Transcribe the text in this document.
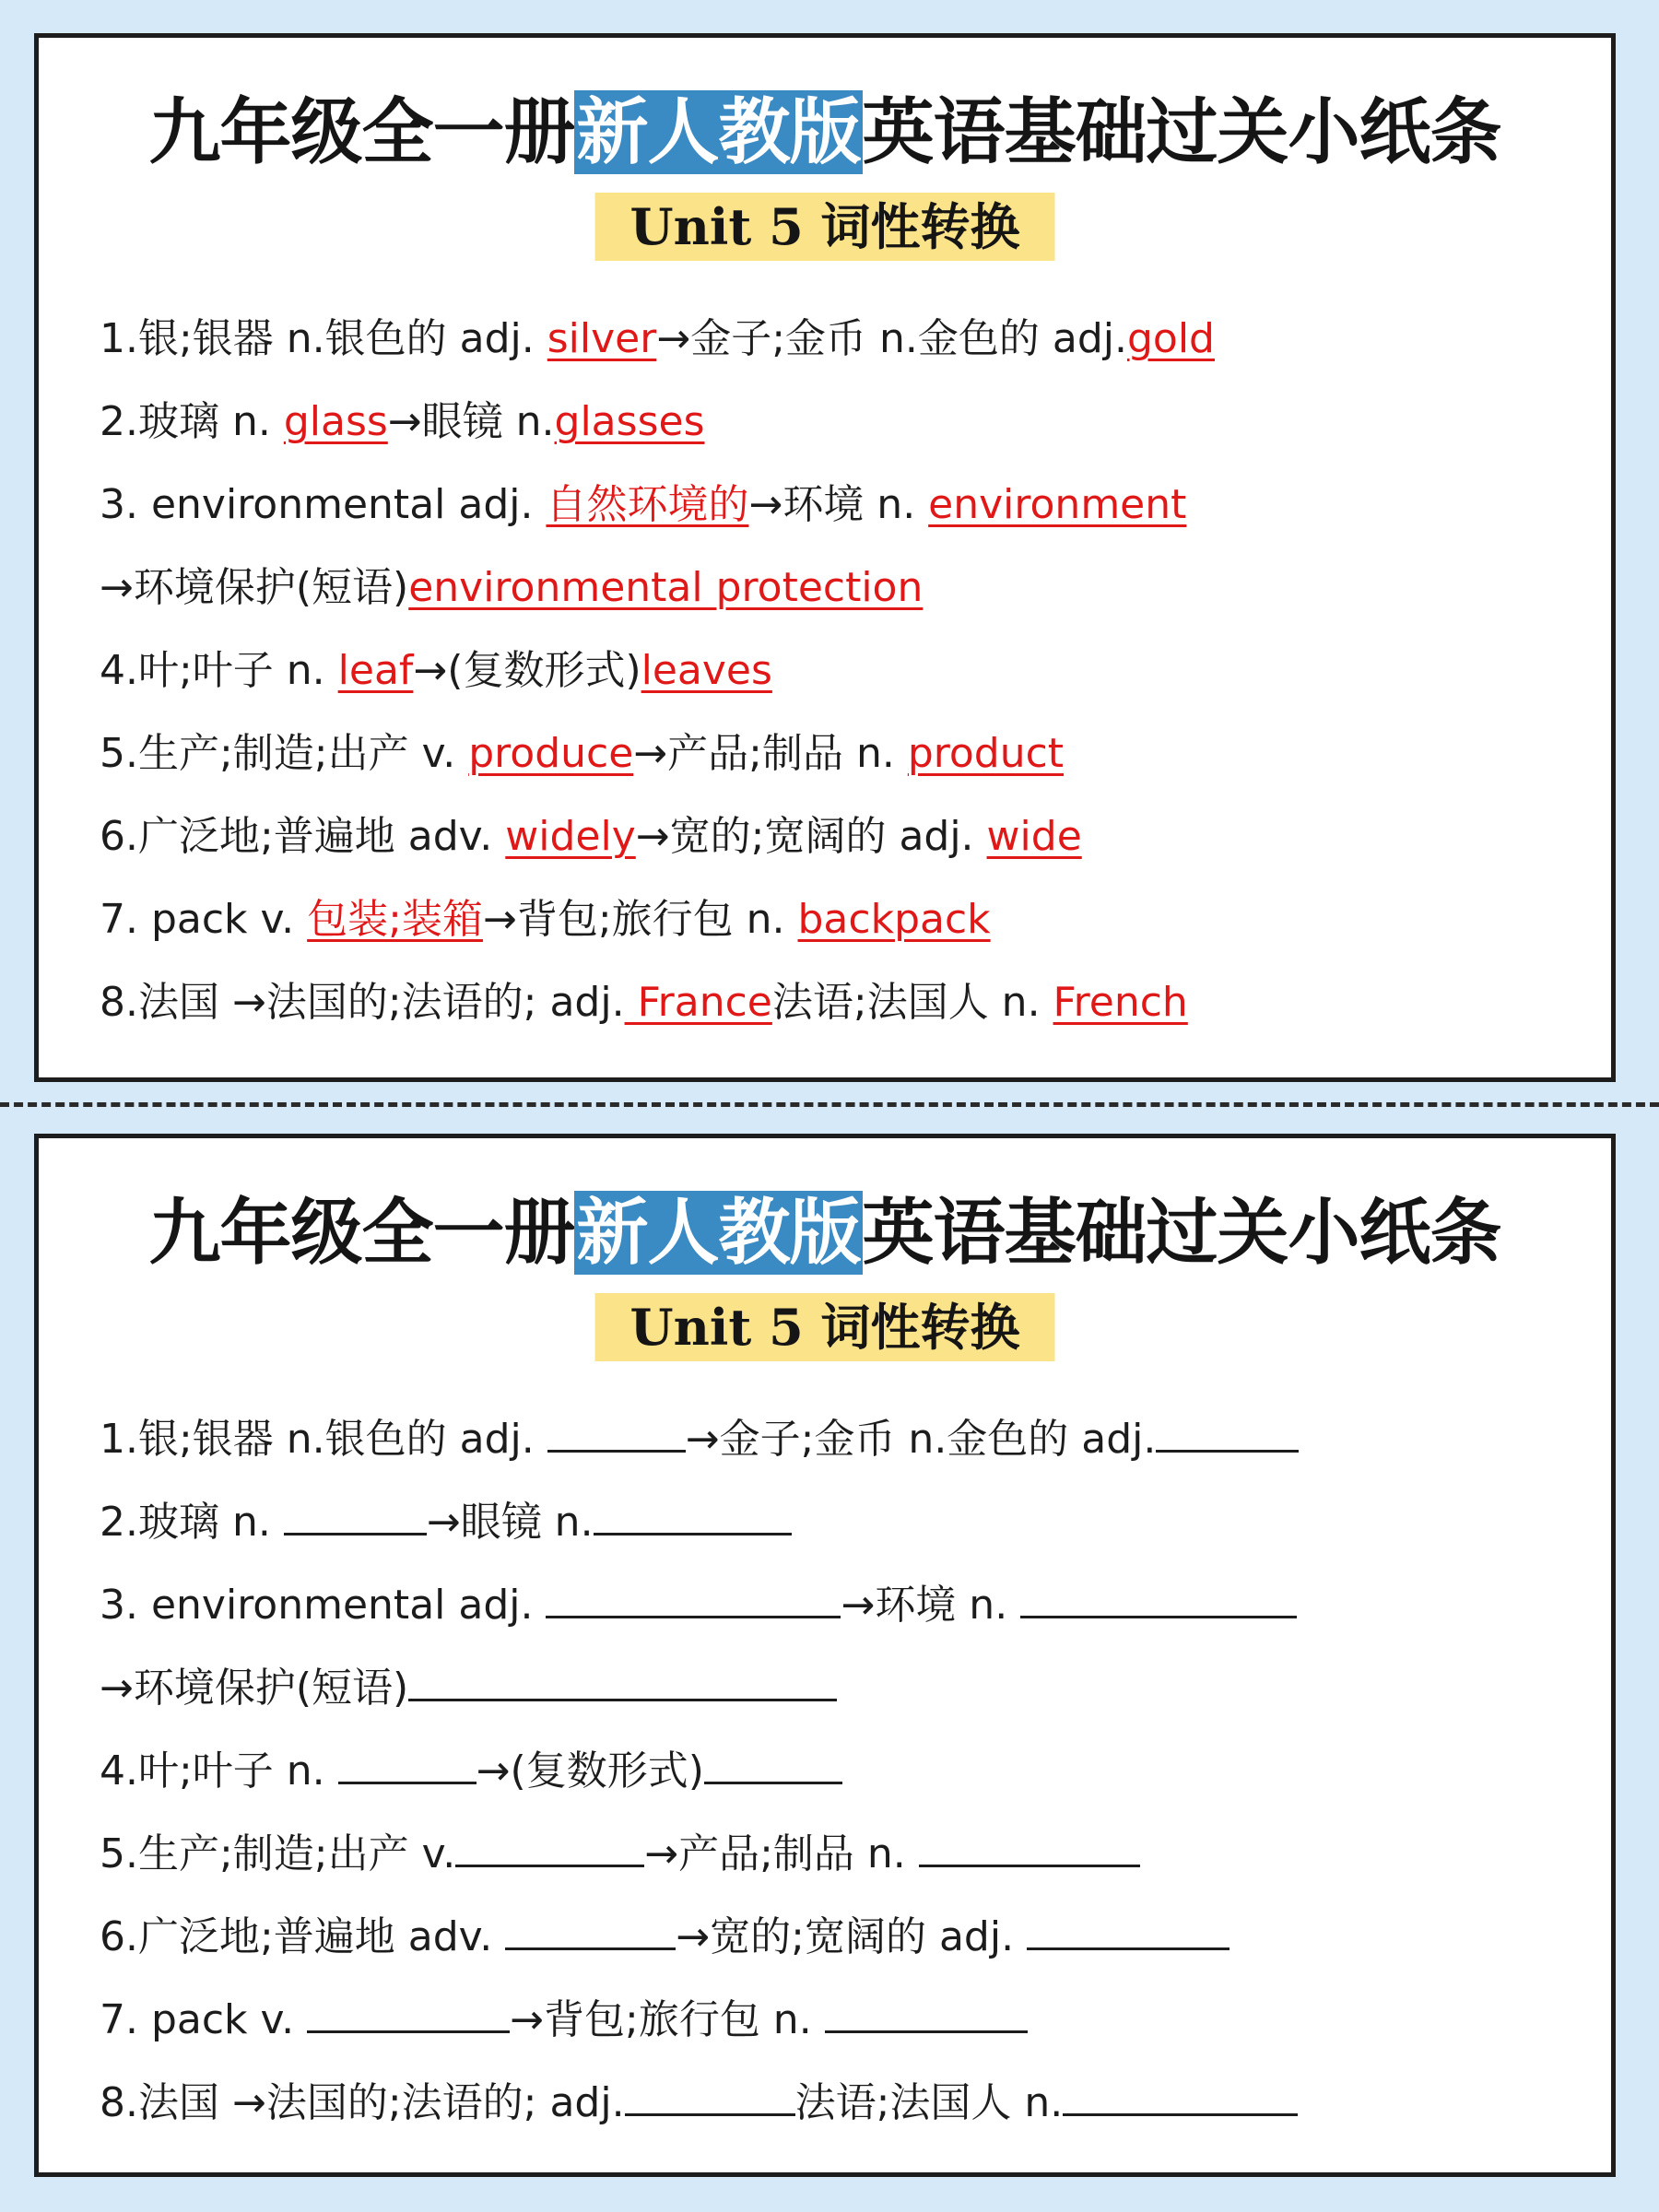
九年级全一册新人教版英语基础过关小纸条
Unit 5 词性转换
1.银;银器 n.银色的 adj. silver→金子;金币 n.金色的 adj.gold
2.玻璃 n. glass→眼镜 n.glasses
3. environmental adj. 自然环境的→环境 n. environment
→环境保护(短语)environmental protection
4.叶;叶子 n. leaf→(复数形式)leaves
5.生产;制造;出产 v. produce→产品;制品 n. product
6.广泛地;普遍地 adv. widely→宽的;宽阔的 adj. wide
7. pack v. 包装;装箱→背包;旅行包 n. backpack
8.法国 →法国的;法语的; adj. France法语;法国人 n. French
九年级全一册新人教版英语基础过关小纸条
Unit 5 词性转换
1.银;银器 n.银色的 adj.	→金子;金币 n.金色的 adj.
2.玻璃 n.	→眼镜 n.
3. environmental adj.	→环境 n.
→环境保护(短语)
4.叶;叶子 n.	→(复数形式)
5.生产;制造;出产 v.	→产品;制品 n.
6.广泛地;普遍地 adv.	→宽的;宽阔的 adj.
7. pack v.	→背包;旅行包 n.
8.法国 →法国的;法语的; adj.	法语;法国人 n.
